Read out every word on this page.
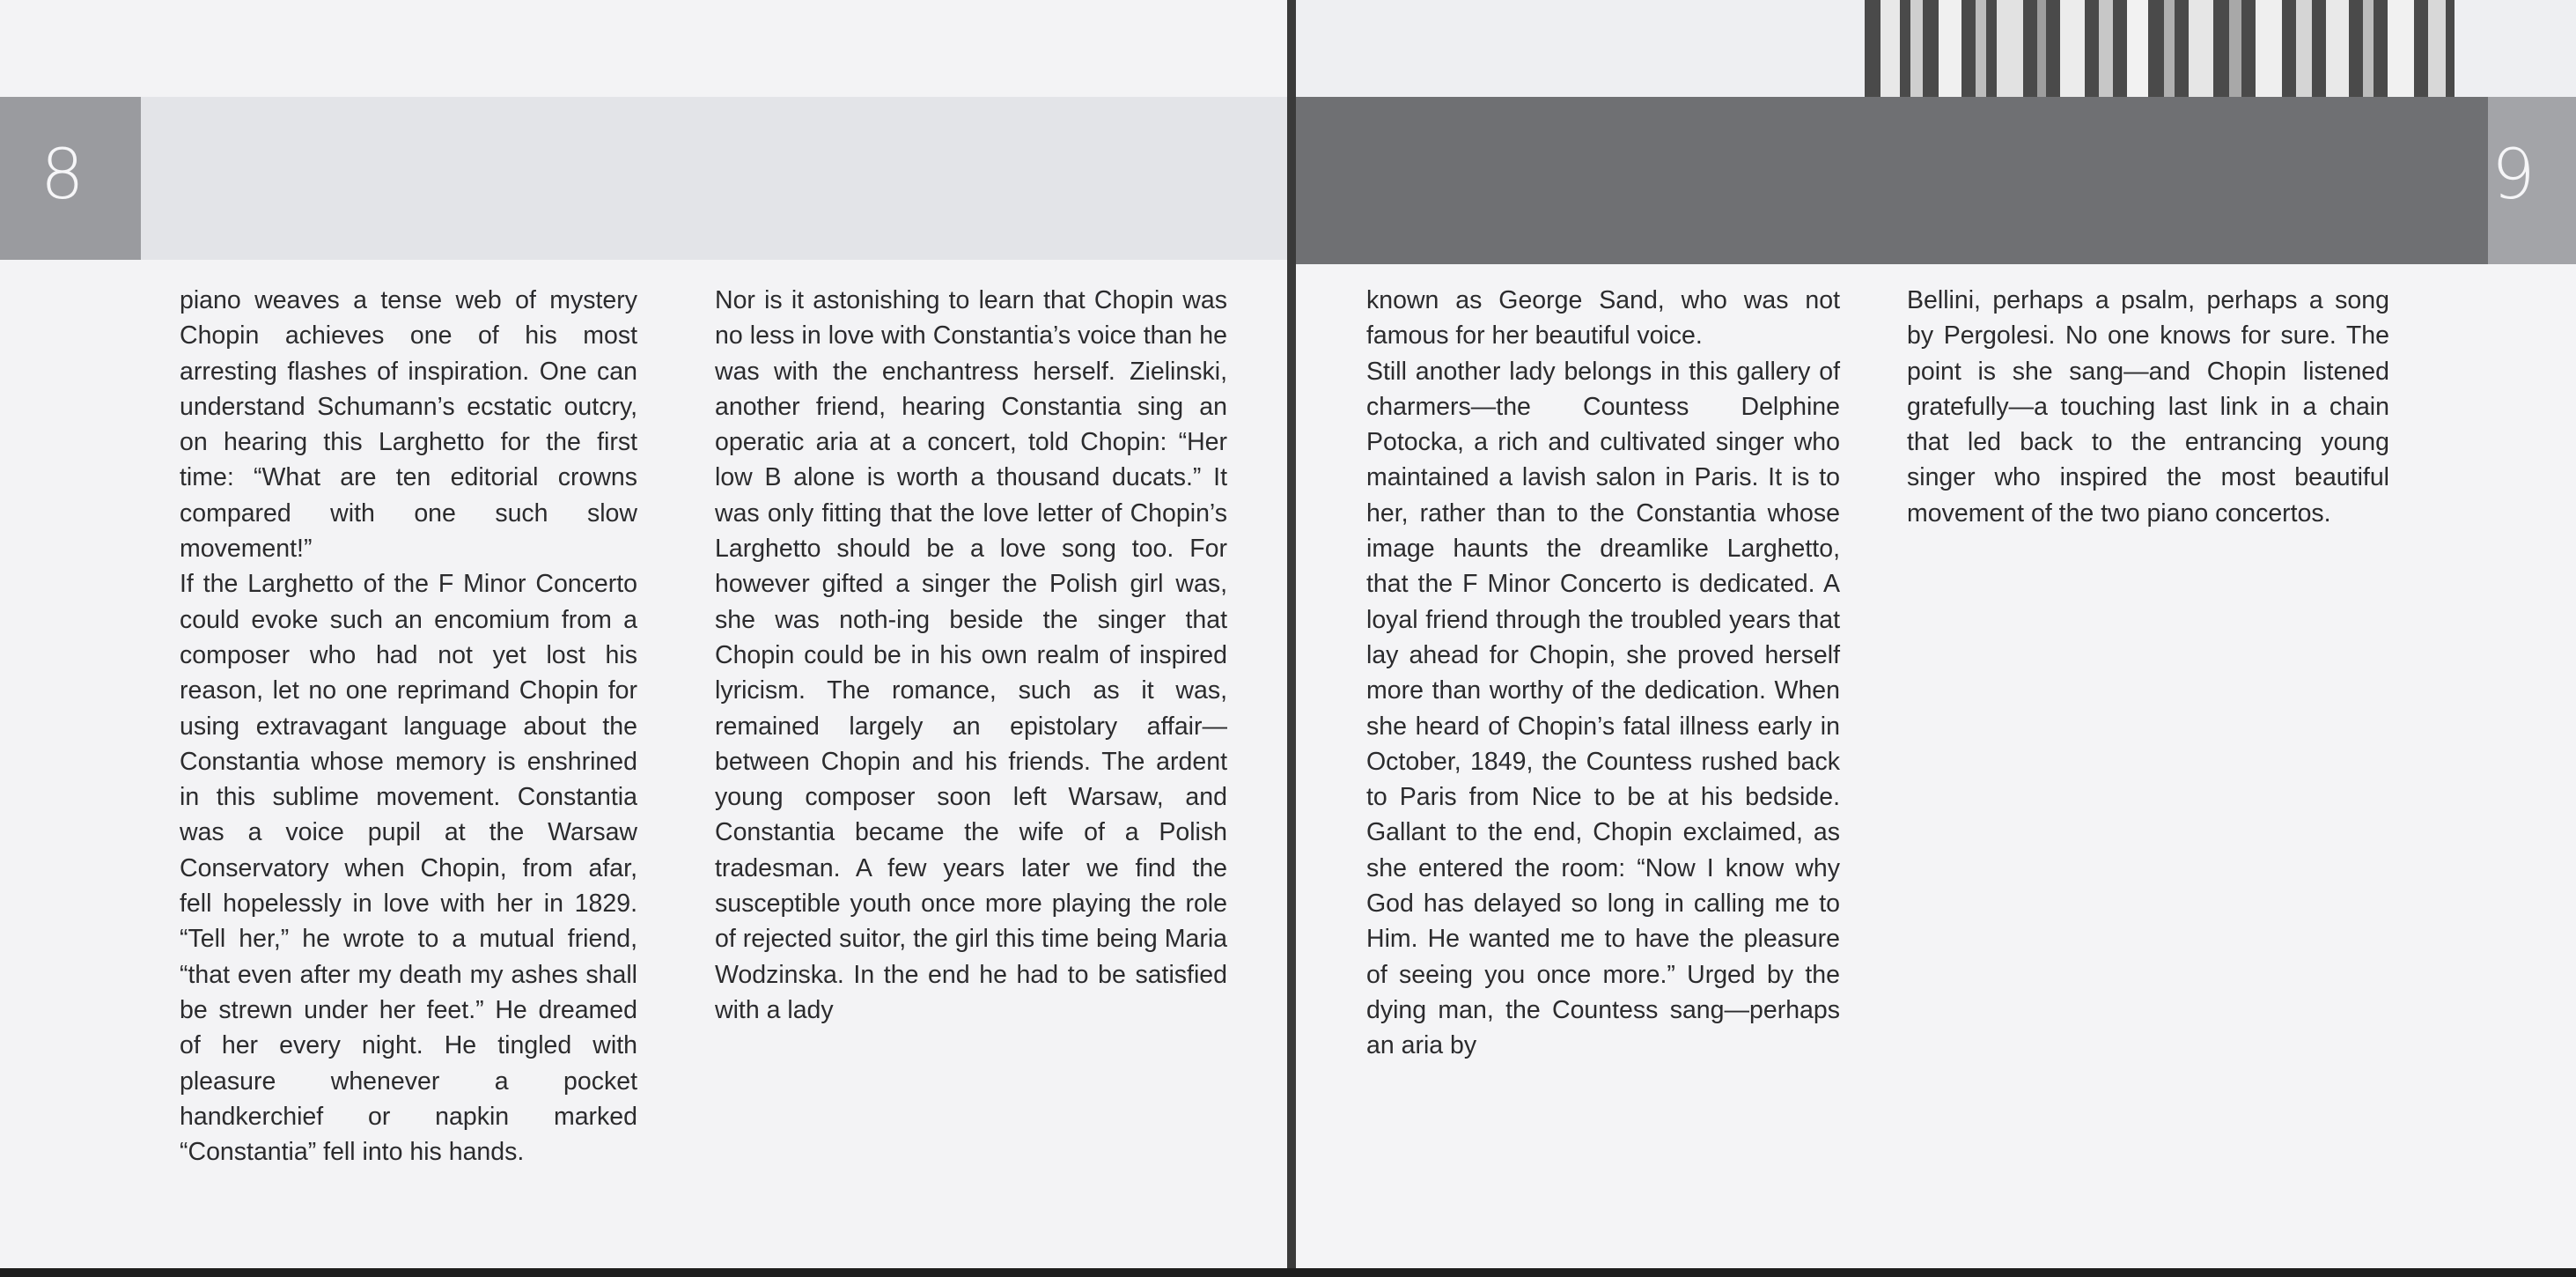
8

piano weaves a tense web of mystery Chopin achieves one of his most arresting flashes of inspiration. One can understand Schumann’s ecstatic outcry, on hearing this Larghetto for the first time: “What are ten editorial crowns compared with one such slow movement!”

If the Larghetto of the F Minor Concerto could evoke such an encomium from a composer who had not yet lost his reason, let no one reprimand Chopin for using extravagant language about the Constantia whose memory is enshrined in this sublime movement. Constantia was a voice pupil at the Warsaw Conservatory when Chopin, from afar, fell hopelessly in love with her in 1829. “Tell her,” he wrote to a mutual friend, “that even after my death my ashes shall be strewn under her feet.” He dreamed of her every night. He tingled with pleasure whenever a pocket handkerchief or napkin marked “Constantia” fell into his hands.

Nor is it astonishing to learn that Chopin was no less in love with Constantia’s voice than he was with the enchantress herself. Zielinski, another friend, hearing Constantia sing an operatic aria at a concert, told Chopin: “Her low B alone is worth a thousand ducats.” It was only fitting that the love letter of Chopin’s Larghetto should be a love song too. For however gifted a singer the Polish girl was, she was noth-ing beside the singer that Chopin could be in his own realm of inspired lyricism. The romance, such as it was, remained largely an epistolary affair—between Chopin and his friends. The ardent young composer soon left Warsaw, and Constantia became the wife of a Polish tradesman. A few years later we find the susceptible youth once more playing the role of rejected suitor, the girl this time being Maria Wodzinska. In the end he had to be satisfied with a lady

9

known as George Sand, who was not famous for her beautiful voice.

Still another lady belongs in this gallery of charmers—the Countess Delphine Potocka, a rich and cultivated singer who maintained a lavish salon in Paris. It is to her, rather than to the Constantia whose image haunts the dreamlike Larghetto, that the F Minor Concerto is dedicated. A loyal friend through the troubled years that lay ahead for Chopin, she proved herself more than worthy of the dedication. When she heard of Chopin’s fatal illness early in October, 1849, the Countess rushed back to Paris from Nice to be at his bedside. Gallant to the end, Chopin exclaimed, as she entered the room: “Now I know why God has delayed so long in calling me to Him. He wanted me to have the pleasure of seeing you once more.” Urged by the dying man, the Countess sang—perhaps an aria by

Bellini, perhaps a psalm, perhaps a song by Pergolesi. No one knows for sure. The point is she sang—and Chopin listened gratefully—a touching last link in a chain that led back to the entrancing young singer who inspired the most beautiful movement of the two piano concertos.
